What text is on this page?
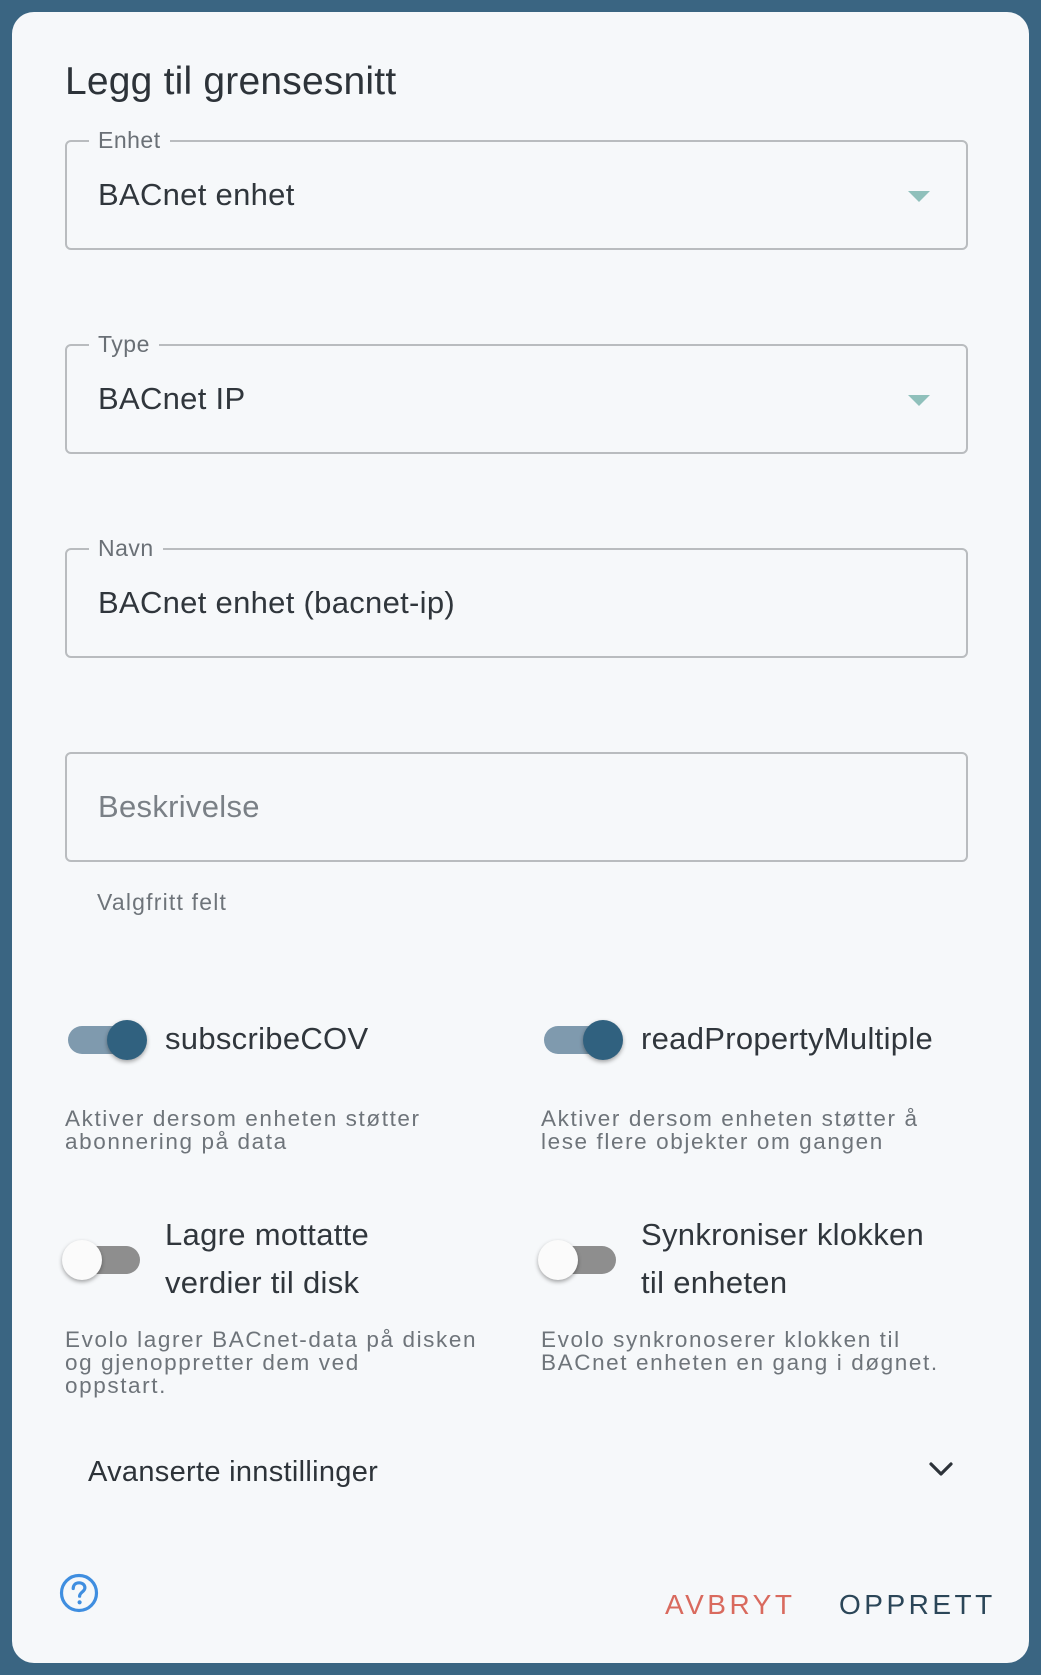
Legg til grensesnitt
Enhet
BACnet enhet
Type
BACnet IP
Navn
BACnet enhet (bacnet-ip)
Beskrivelse
Valgfritt felt
subscribeCOV
Aktiver dersom enheten støtter
abonnering på data
readPropertyMultiple
Aktiver dersom enheten støtter å
lese flere objekter om gangen
Lagre mottatte
verdier til disk
Evolo lagrer BACnet-data på disken
og gjenoppretter dem ved
oppstart.
Synkroniser klokken
til enheten
Evolo synkronoserer klokken til
BACnet enheten en gang i døgnet.
Avanserte innstillinger
AVBRYT OPPRETT
